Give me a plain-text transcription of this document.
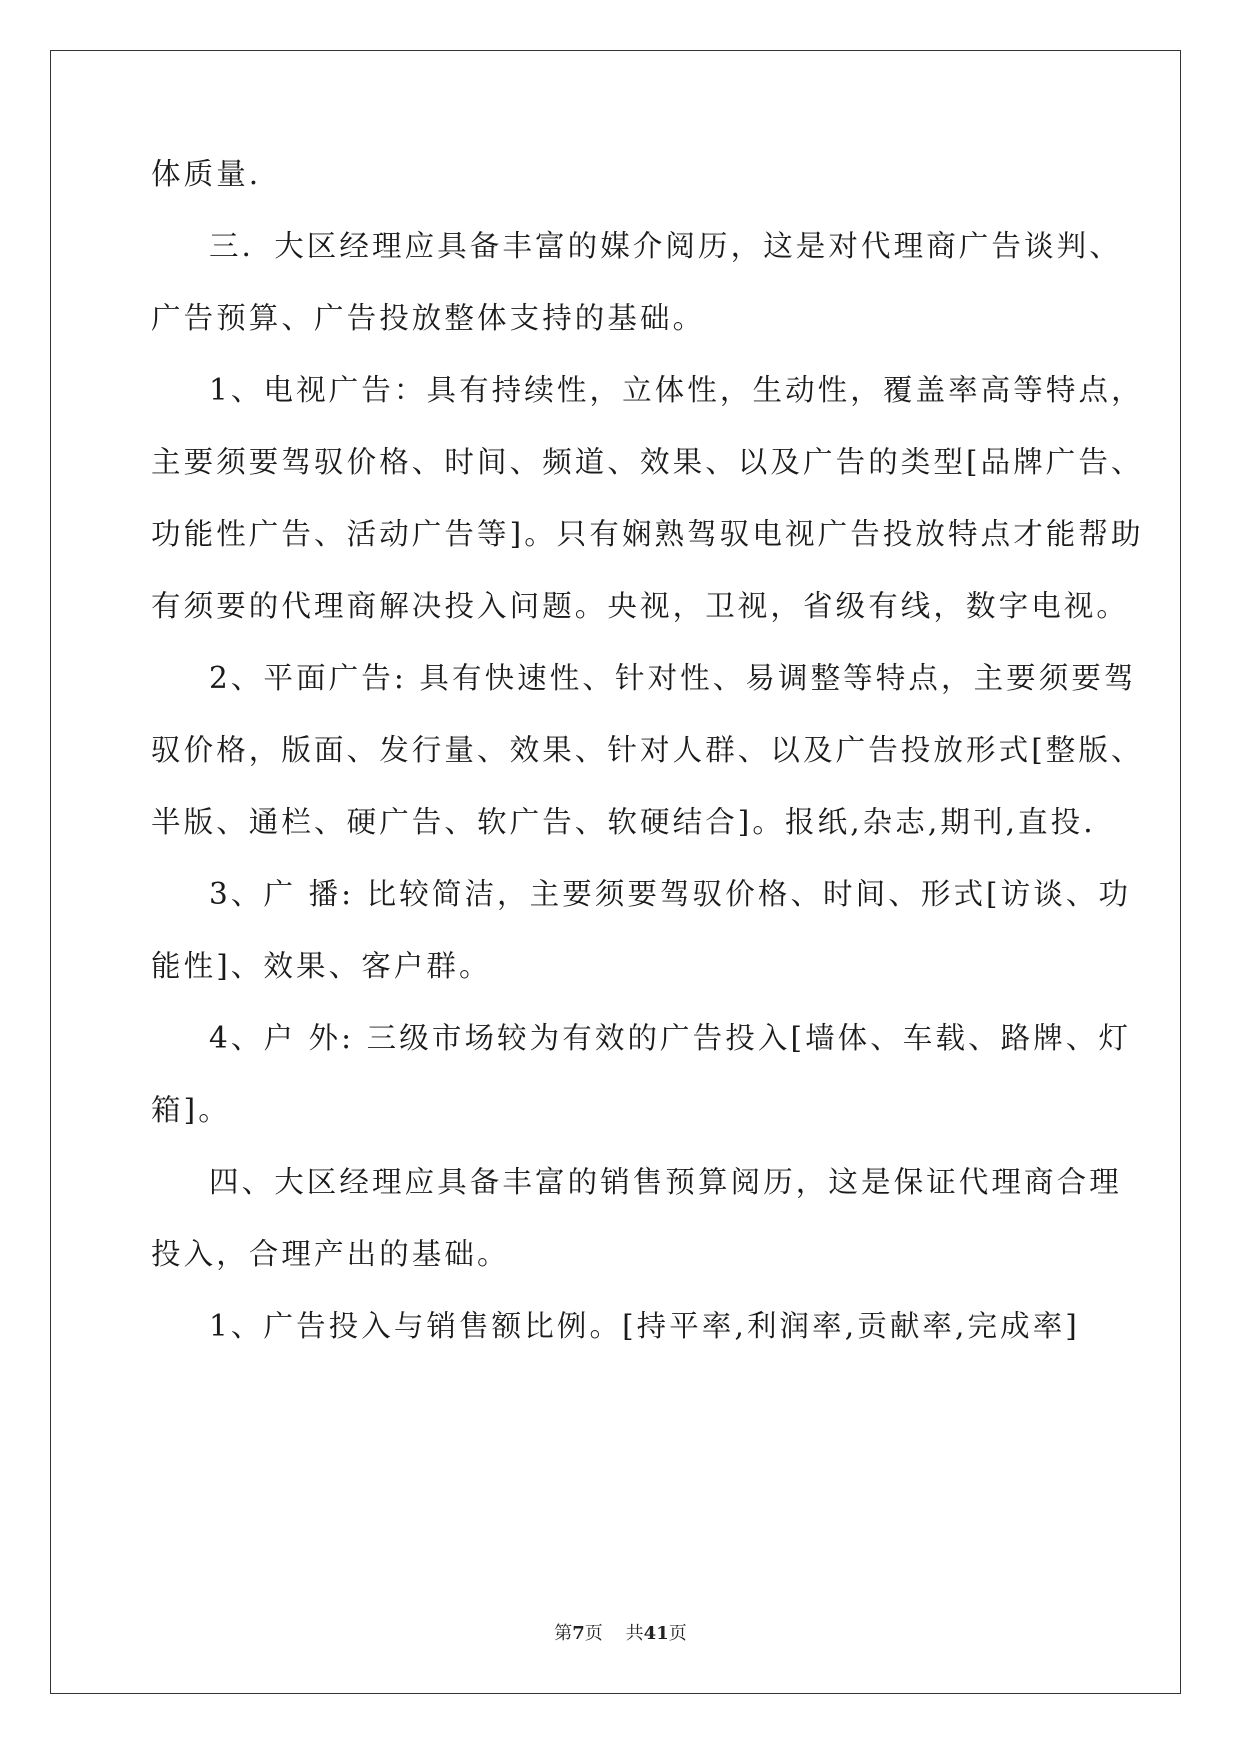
体质量.
三．大区经理应具备丰富的媒介阅历，这是对代理商广告谈判、
广告预算、广告投放整体支持的基础。
1、电视广告：具有持续性，立体性，生动性，覆盖率高等特点，
主要须要驾驭价格、时间、频道、效果、以及广告的类型[品牌广告、
功能性广告、活动广告等]。只有娴熟驾驭电视广告投放特点才能帮助
有须要的代理商解决投入问题。央视，卫视，省级有线，数字电视。
2、平面广告: 具有快速性、针对性、易调整等特点，主要须要驾
驭价格，版面、发行量、效果、针对人群、以及广告投放形式[整版、
半版、通栏、硬广告、软广告、软硬结合]。报纸,杂志,期刊,直投.
3、广 播: 比较简洁，主要须要驾驭价格、时间、形式[访谈、功
能性]、效果、客户群。
4、户 外: 三级市场较为有效的广告投入[墙体、车载、路牌、灯
箱]。
四、大区经理应具备丰富的销售预算阅历，这是保证代理商合理
投入，合理产出的基础。
1、广告投入与销售额比例。[持平率,利润率,贡献率,完成率]
第7页 共41页
